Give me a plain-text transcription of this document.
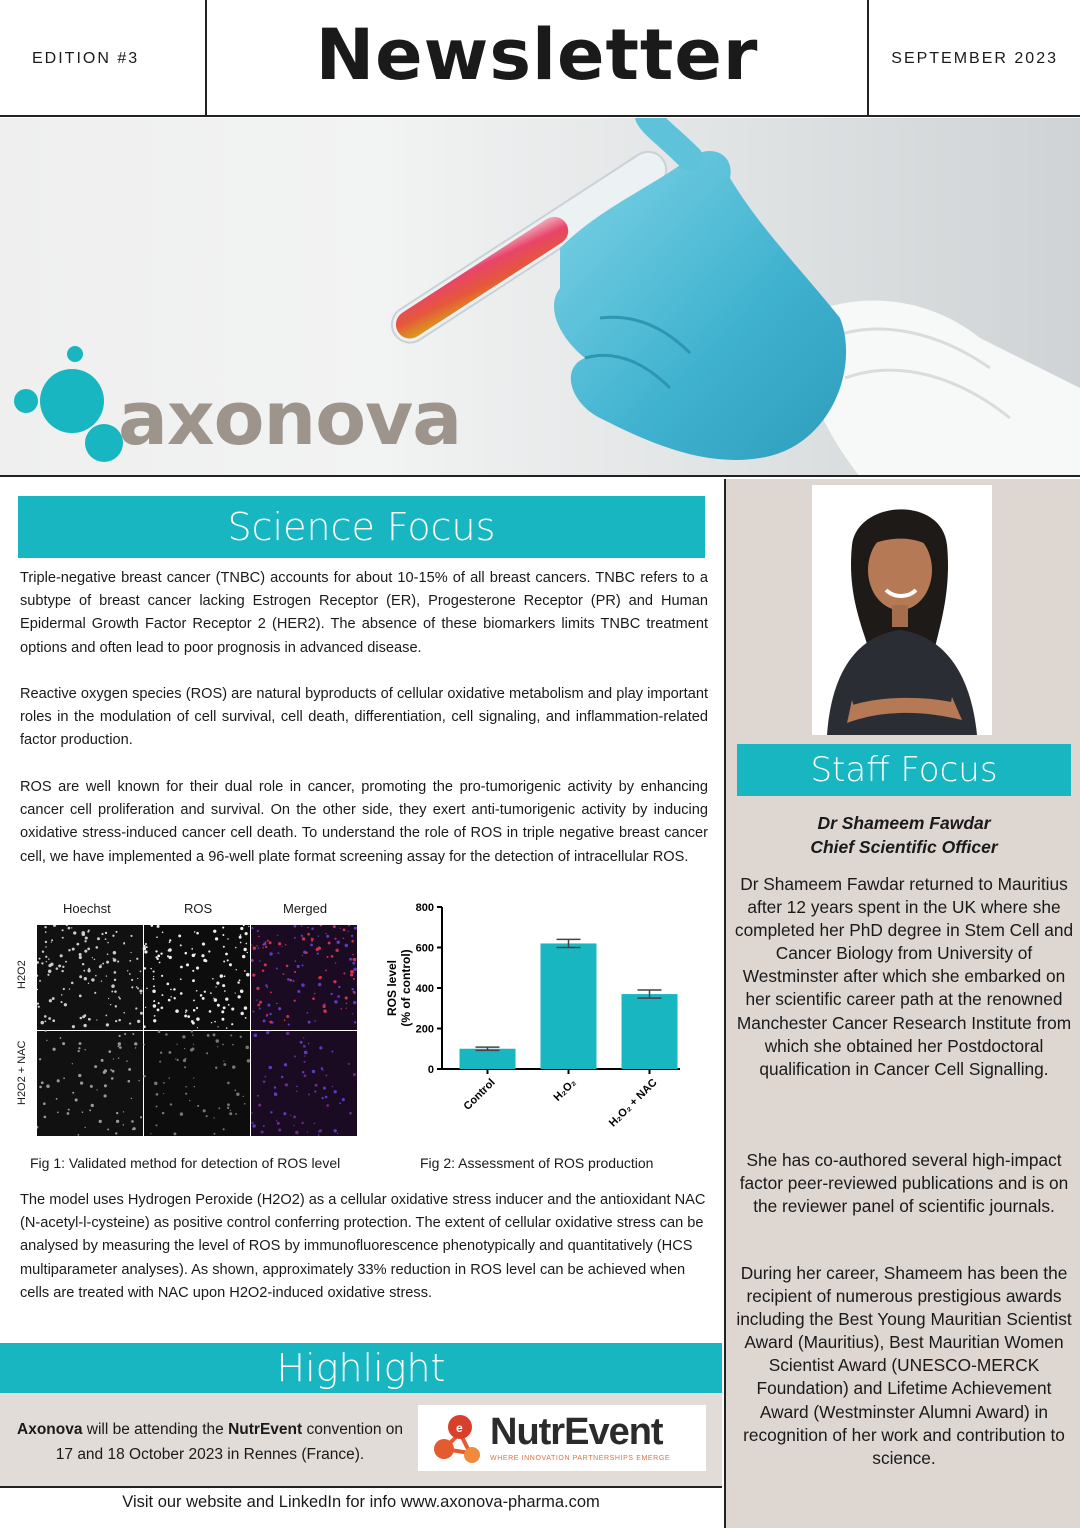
EDITION #3	Newsletter	SEPTEMBER 2023
axonova
Science Focus

Triple-negative breast cancer (TNBC) accounts for about 10-15% of all breast cancers. TNBC refers to a subtype of breast cancer lacking Estrogen Receptor (ER), Progesterone Receptor (PR) and Human Epidermal Growth Factor Receptor 2 (HER2). The absence of these biomarkers limits TNBC treatment options and often lead to poor prognosis in advanced disease.

Reactive oxygen species (ROS) are natural byproducts of cellular oxidative metabolism and play important roles in the modulation of cell survival, cell death, differentiation, cell signaling, and inflammation-related factor production.

ROS are well known for their dual role in cancer, promoting the pro-tumorigenic activity by enhancing cancer cell proliferation and survival. On the other side, they exert anti-tumorigenic activity by inducing oxidative stress-induced cancer cell death. To understand the role of ROS in triple negative breast cancer cell, we have implemented a 96-well plate format screening assay for the detection of intracellular ROS.

Hoechst	ROS	Merged
H2O2
H2O2 + NAC
Fig 1: Validated method for detection of ROS level
0
200
400
600
800
ROS level (% of control)
Control	H₂O₂	H₂O₂ + NAC
Fig 2: Assessment of ROS production

The model uses Hydrogen Peroxide (H2O2) as a cellular oxidative stress inducer and the antioxidant NAC (N-acetyl-l-cysteine) as positive control conferring protection. The extent of cellular oxidative stress can be analysed by measuring the level of ROS by immunofluorescence phenotypically and quantitatively (HCS multiparameter analyses). As shown, approximately 33% reduction in ROS level can be achieved when cells are treated with NAC upon H2O2-induced oxidative stress.

Highlight
Axonova will be attending the NutrEvent convention on 17 and 18 October 2023 in Rennes (France).
e NutrEvent
WHERE INNOVATION PARTNERSHIPS EMERGE
Visit our website and LinkedIn for info www.axonova-pharma.com
Staff Focus
Dr Shameem Fawdar
Chief Scientific Officer

Dr Shameem Fawdar returned to Mauritius after 12 years spent in the UK where she completed her PhD degree in Stem Cell and Cancer Biology from University of Westminster after which she embarked on her scientific career path at the renowned Manchester Cancer Research Institute from which she obtained her Postdoctoral qualification in Cancer Cell Signalling.

She has co-authored several high-impact factor peer-reviewed publications and is on the reviewer panel of scientific journals.

During her career, Shameem has been the recipient of numerous prestigious awards including the Best Young Mauritian Scientist Award (Mauritius), Best Mauritian Women Scientist Award (UNESCO-MERCK Foundation) and Lifetime Achievement Award (Westminster Alumni Award) in recognition of her work and contribution to science.
